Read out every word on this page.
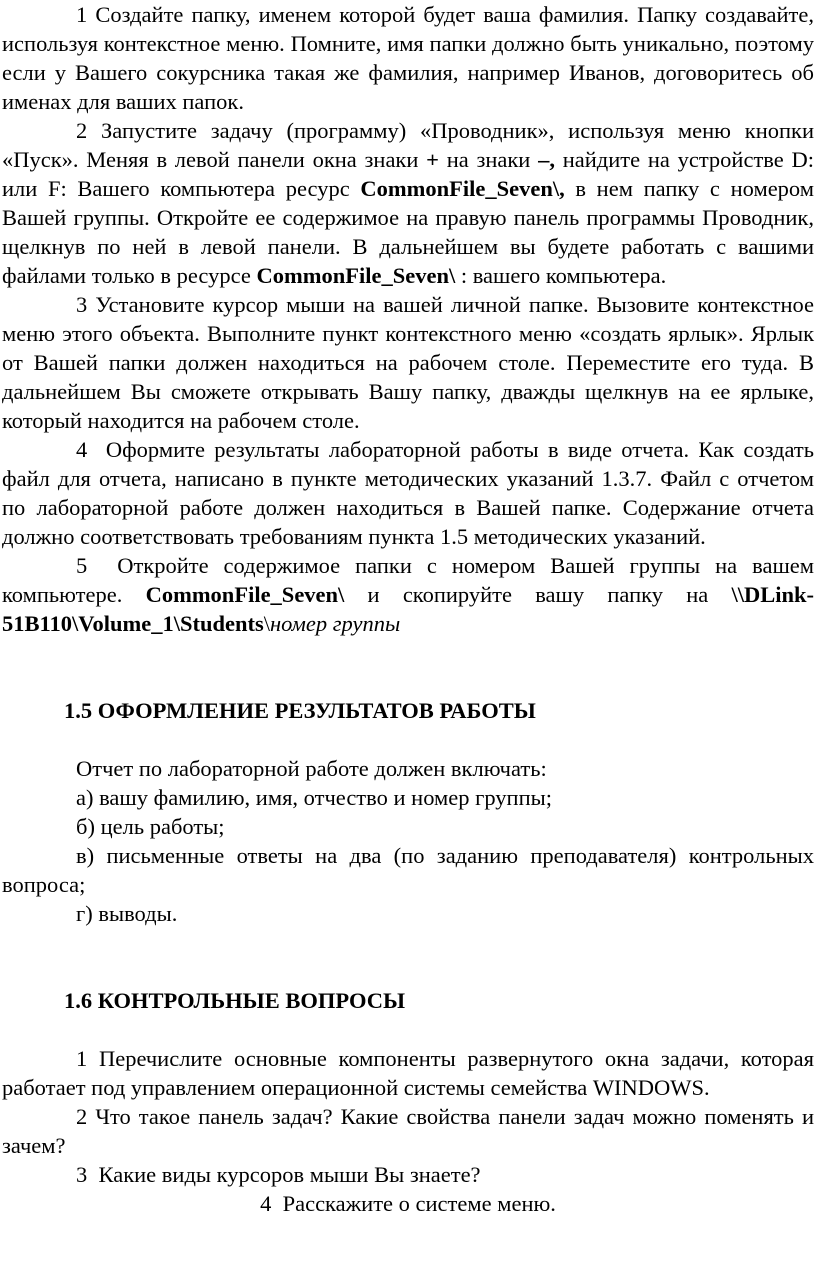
1 Создайте папку, именем которой будет ваша фамилия. Папку создавайте, используя контекстное меню. Помните, имя папки должно быть уникально, поэтому если у Вашего сокурсника такая же фамилия, например Иванов, договоритесь об именах для ваших папок.

2 Запустите задачу (программу) «Проводник», используя меню кнопки «Пуск». Меняя в левой панели окна знаки + на знаки –, найдите на устройстве D: или F: Вашего компьютера ресурс CommonFile_Seven\, в нем папку с номером Вашей группы. Откройте ее содержимое на правую панель программы Проводник, щелкнув по ней в левой панели. В дальнейшем вы будете работать с вашими файлами только в ресурсе CommonFile_Seven\ : вашего компьютера.

3 Установите курсор мыши на вашей личной папке. Вызовите контекстное меню этого объекта. Выполните пункт контекстного меню «создать ярлык». Ярлык от Вашей папки должен находиться на рабочем столе. Переместите его туда. В дальнейшем Вы сможете открывать Вашу папку, дважды щелкнув на ее ярлыке, который находится на рабочем столе.

4 Оформите результаты лабораторной работы в виде отчета. Как создать файл для отчета, написано в пункте методических указаний 1.3.7. Файл с отчетом по лабораторной работе должен находиться в Вашей папке. Содержание отчета должно соответствовать требованиям пункта 1.5 методических указаний.

5 Откройте содержимое папки с номером Вашей группы на вашем компьютере. CommonFile_Seven\ и скопируйте вашу папку на \\DLink-51B110\Volume_1\Students\номер группы

1.5 ОФОРМЛЕНИЕ РЕЗУЛЬТАТОВ РАБОТЫ

Отчет по лабораторной работе должен включать:

а) вашу фамилию, имя, отчество и номер группы;

б) цель работы;

в) письменные ответы на два (по заданию преподавателя) контрольных вопроса;

г) выводы.

1.6 КОНТРОЛЬНЫЕ ВОПРОСЫ

1 Перечислите основные компоненты развернутого окна задачи, которая работает под управлением операционной системы семейства WINDOWS.

2 Что такое панель задач? Какие свойства панели задач можно поменять и зачем?

3 Какие виды курсоров мыши Вы знаете?

4 Расскажите о системе меню.
